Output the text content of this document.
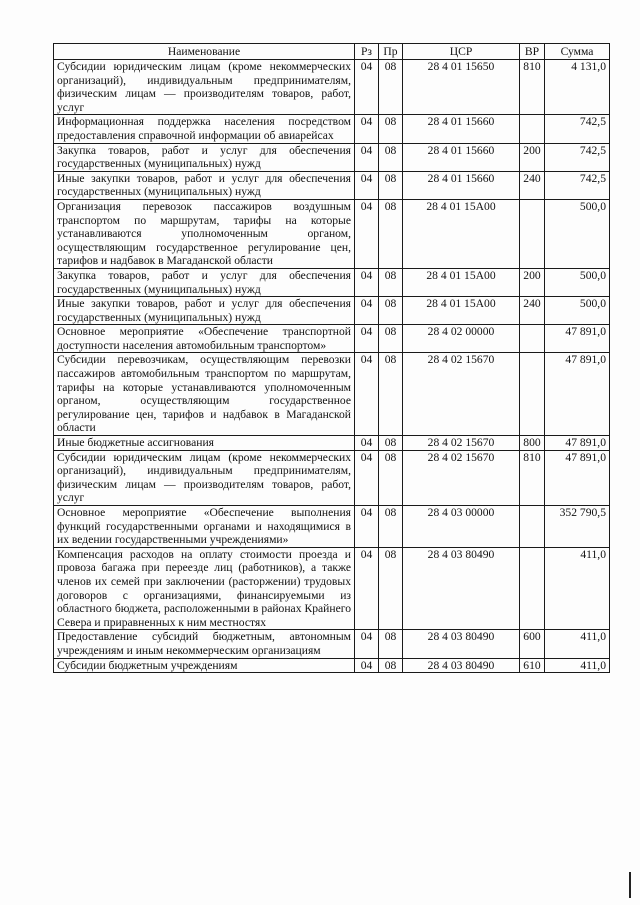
Наименование	Рз	Пр	ЦСР	ВР	Сумма
Субсидии юридическим лицам (кроме некоммерческих организаций), индивидуальным предпринимателям, физическим лицам — производителям товаров, работ, услуг	04	08	28 4 01 15650	810	4 131,0
Информационная поддержка населения посредством предоставления справочной информации об авиарейсах	04	08	28 4 01 15660		742,5
Закупка товаров, работ и услуг для обеспечения государственных (муниципальных) нужд	04	08	28 4 01 15660	200	742,5
Иные закупки товаров, работ и услуг для обеспечения государственных (муниципальных) нужд	04	08	28 4 01 15660	240	742,5
Организация перевозок пассажиров воздушным транспортом по маршрутам, тарифы на которые устанавливаются уполномоченным органом, осуществляющим государственное регулирование цен, тарифов и надбавок в Магаданской области	04	08	28 4 01 15А00		500,0
Закупка товаров, работ и услуг для обеспечения государственных (муниципальных) нужд	04	08	28 4 01 15А00	200	500,0
Иные закупки товаров, работ и услуг для обеспечения государственных (муниципальных) нужд	04	08	28 4 01 15А00	240	500,0
Основное мероприятие «Обеспечение транспортной доступности населения автомобильным транспортом»	04	08	28 4 02 00000		47 891,0
Субсидии перевозчикам, осуществляющим перевозки пассажиров автомобильным транспортом по маршрутам, тарифы на которые устанавливаются уполномоченным органом, осуществляющим государственное регулирование цен, тарифов и надбавок в Магаданской области	04	08	28 4 02 15670		47 891,0
Иные бюджетные ассигнования	04	08	28 4 02 15670	800	47 891,0
Субсидии юридическим лицам (кроме некоммерческих организаций), индивидуальным предпринимателям, физическим лицам — производителям товаров, работ, услуг	04	08	28 4 02 15670	810	47 891,0
Основное мероприятие «Обеспечение выполнения функций государственными органами и находящимися в их ведении государственными учреждениями»	04	08	28 4 03 00000		352 790,5
Компенсация расходов на оплату стоимости проезда и провоза багажа при переезде лиц (работников), а также членов их семей при заключении (расторжении) трудовых договоров с организациями, финансируемыми из областного бюджета, расположенными в районах Крайнего Севера и приравненных к ним местностях	04	08	28 4 03 80490		411,0
Предоставление субсидий бюджетным, автономным учреждениям и иным некоммерческим организациям	04	08	28 4 03 80490	600	411,0
Субсидии бюджетным учреждениям	04	08	28 4 03 80490	610	411,0
